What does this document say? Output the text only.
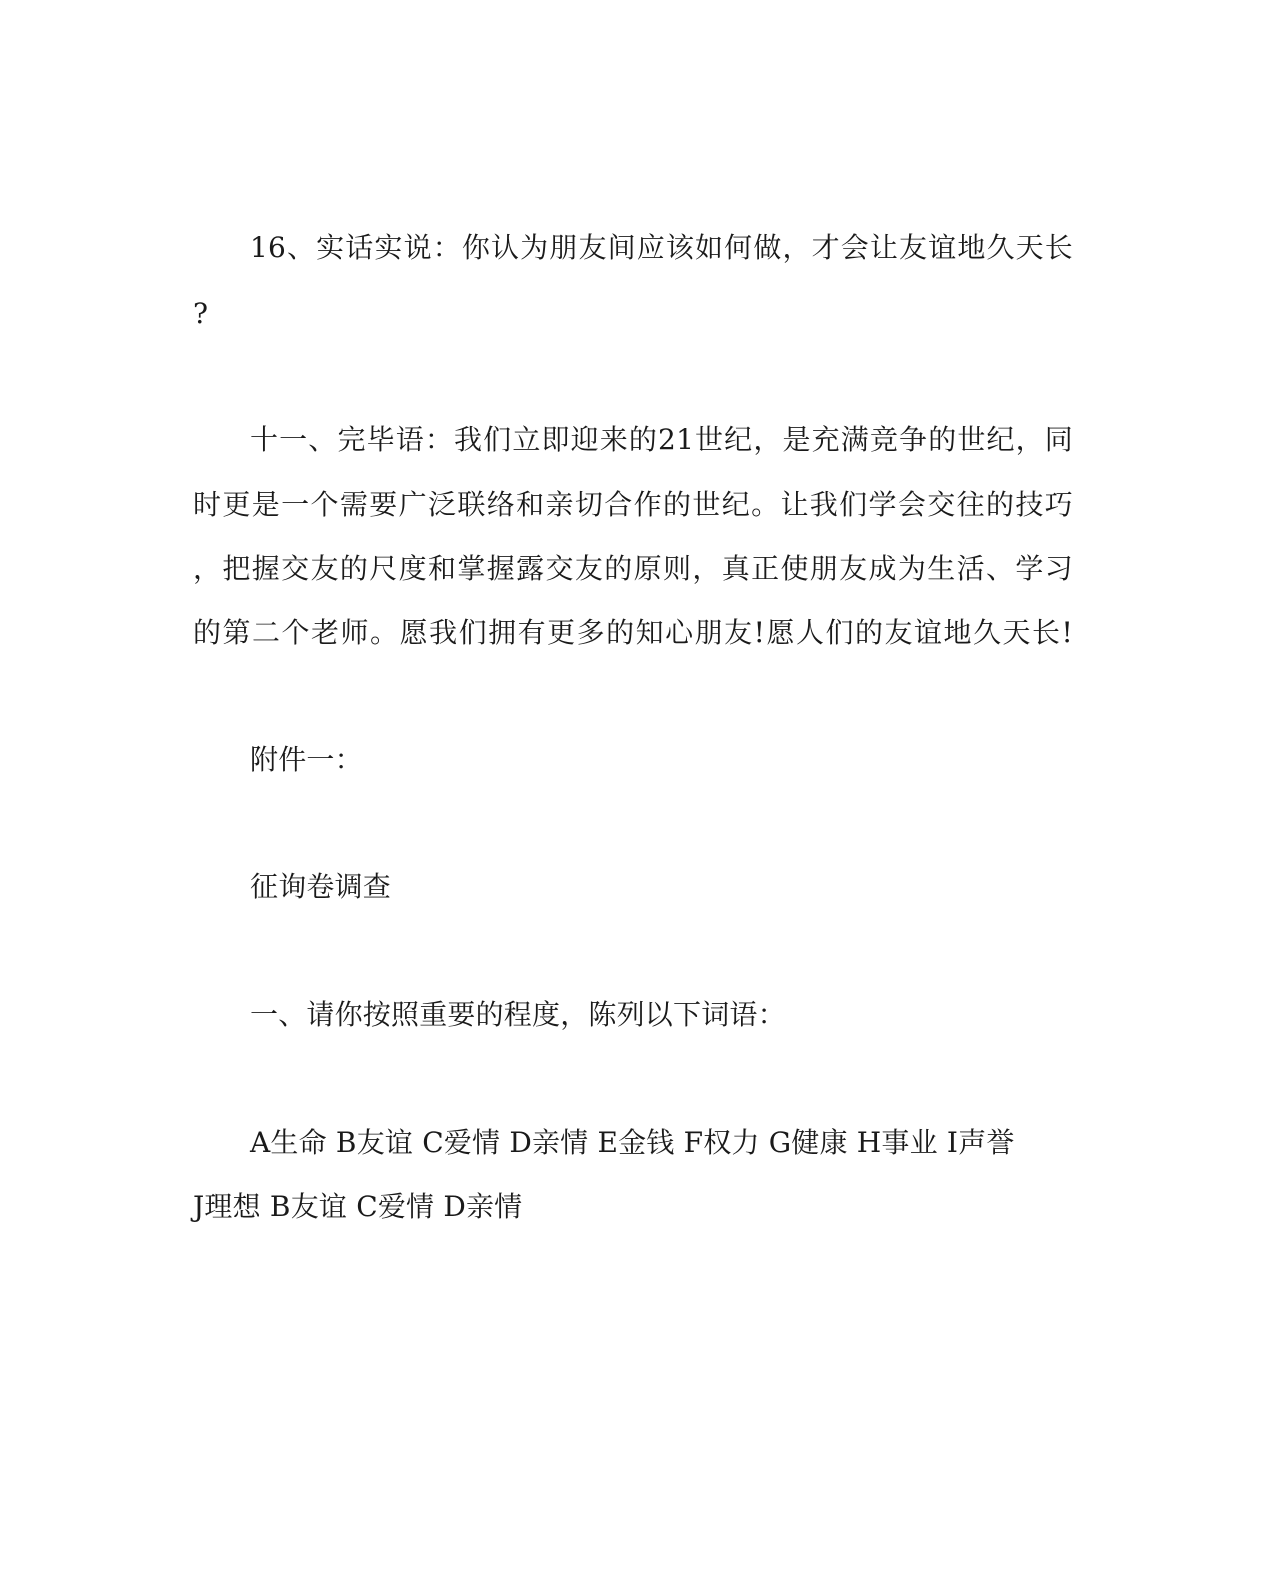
16、实话实说：你认为朋友间应该如何做，才会让友谊地久天长
?
十一、完毕语：我们立即迎来的21世纪，是充满竞争的世纪，同
时更是一个需要广泛联络和亲切合作的世纪。让我们学会交往的技巧
，把握交友的尺度和掌握露交友的原则，真正使朋友成为生活、学习
的第二个老师。愿我们拥有更多的知心朋友!愿人们的友谊地久天长!
附件一：
征询卷调查
一、请你按照重要的程度，陈列以下词语：
A生命 B友谊 C爱情 D亲情 E金钱 F权力 G健康 H事业 I声誉
J理想 B友谊 C爱情 D亲情
